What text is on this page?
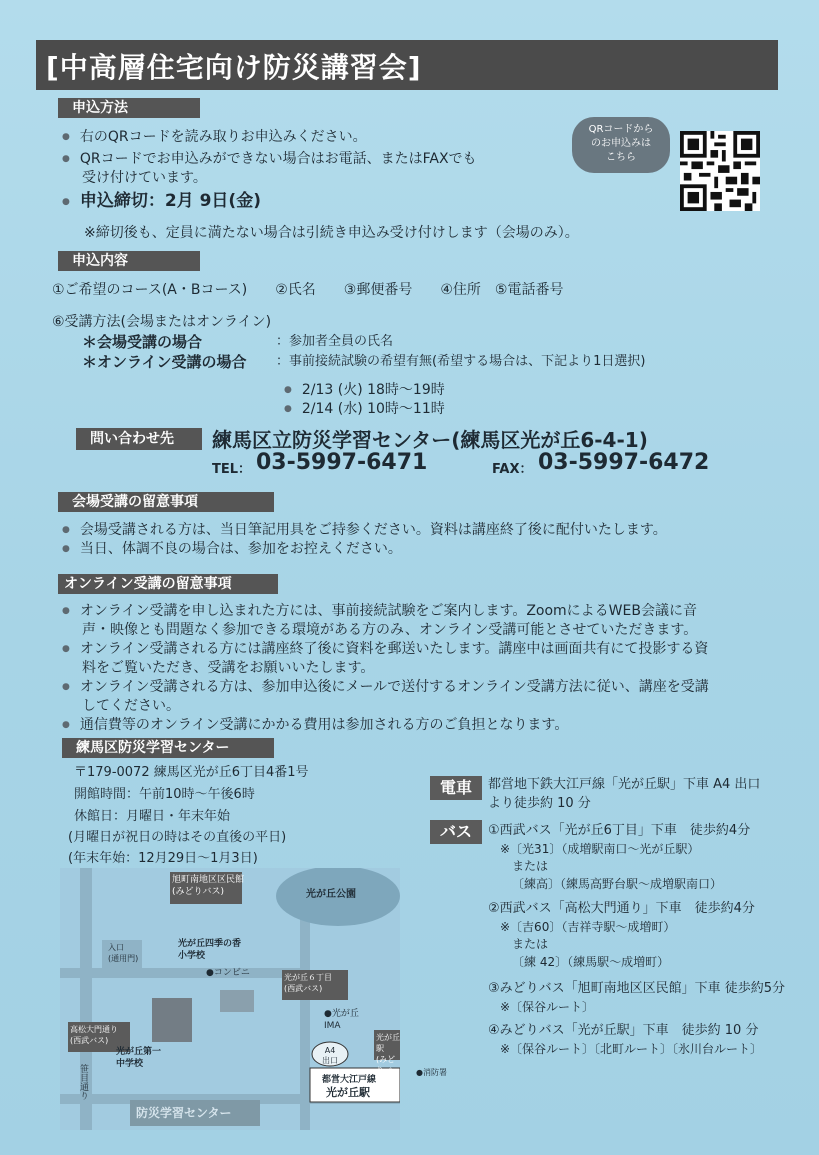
[中高層住宅向け防災講習会]
申込方法
● 右のQRコードを読み取りお申込みください。
● QRコードでお申込みができない場合はお電話、またはFAXでも
受け付けています。
● 申込締切：2月 9日(金)
※締切後も、定員に満たない場合は引続き申込み受け付けします（会場のみ）。
QRコードから
のお申込みは
こちら
申込内容
①ご希望のコース(A・Bコース)　　②氏名　　③郵便番号　　④住所　⑤電話番号
⑥受講方法(会場またはオンライン)
＊会場受講の場合	：参加者全員の氏名
＊オンライン受講の場合 ：事前接続試験の希望有無(希望する場合は、下記より1日選択)
● 2/13 (火) 18時～19時
● 2/14 (水) 10時～11時
問い合わせ先	練馬区立防災学習センター(練馬区光が丘6-4-1)
TEL： 03-5997-6471	FAX： 03-5997-6472
会場受講の留意事項
● 会場受講される方は、当日筆記用具をご持参ください。資料は講座終了後に配付いたします。
● 当日、体調不良の場合は、参加をお控えください。
オンライン受講の留意事項
● オンライン受講を申し込まれた方には、事前接続試験をご案内します。ZoomによるWEB会議に音
声・映像とも問題なく参加できる環境がある方のみ、オンライン受講可能とさせていただきます。
● オンライン受講される方には講座終了後に資料を郵送いたします。講座中は画面共有にて投影する資
料をご覧いただき、受講をお願いいたします。
● オンライン受講される方は、参加申込後にメールで送付するオンライン受講方法に従い、講座を受講
してください。
● 通信費等のオンライン受講にかかる費用は参加される方のご負担となります。
練馬区防災学習センター
〒179-0072 練馬区光が丘6丁目4番1号
開館時間：午前10時～午後6時
休館日：月曜日・年末年始
(月曜日が祝日の時はその直後の平日)
(年末年始：12月29日～1月3日)
電車	都営地下鉄大江戸線「光が丘駅」下車 A4 出口
より徒歩約 10 分
バス	①西武バス「光が丘6丁目」下車　徒歩約4分
※〔光31〕（成増駅南口～光が丘駅）
または
〔練高〕（練馬高野台駅～成増駅南口）
②西武バス「高松大門通り」下車　徒歩約4分
※〔吉60〕（吉祥寺駅～成増町）
または
〔練 42〕（練馬駅～成増町）
③みどりバス「旭町南地区区民館」下車 徒歩約5分
※〔保谷ルート〕
④みどりバス「光が丘駅」下車　徒歩約 10 分
※〔保谷ルート〕〔北町ルート〕〔氷川台ルート〕
光が丘公園
旭町南地区区民館
(みどりバス)
光が丘四季の香
小学校
入口
(通用門)
●コンビニ	光が丘６丁目
(西武バス)
高松大門通り
(西武バス)
光が丘第一
中学校
●光が丘
IMA
光が丘駅
(みどりバス)
A4
出口
●消防署
都営大江戸線
光が丘駅
笹目通り
防災学習センター
